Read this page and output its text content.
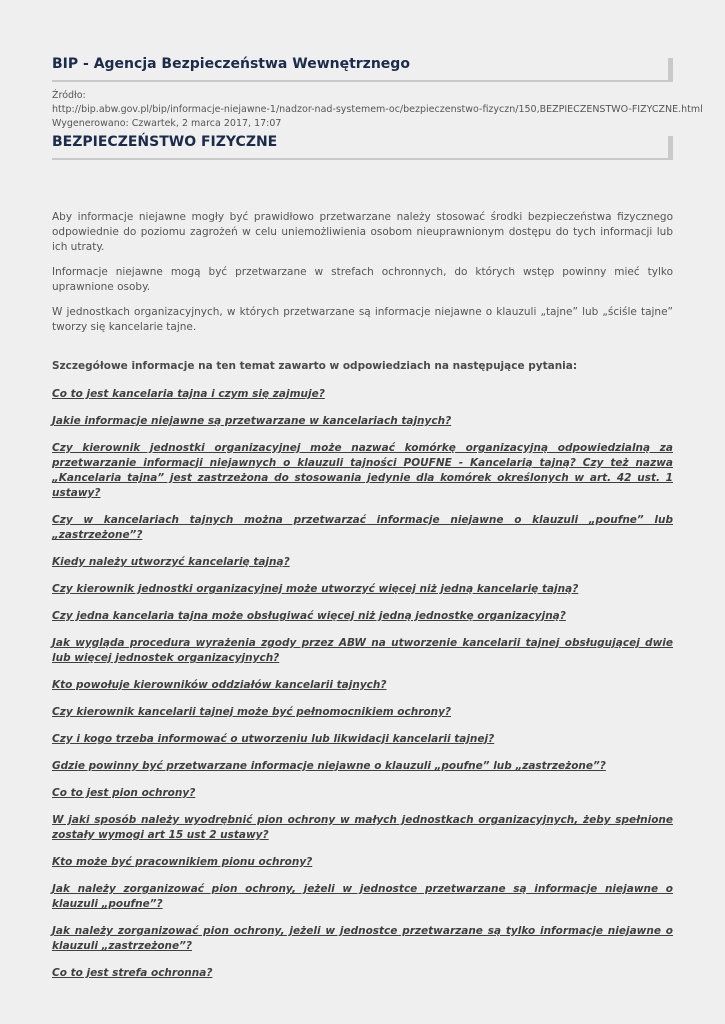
BIP - Agencja Bezpieczeństwa Wewnętrznego
Źródło:
http://bip.abw.gov.pl/bip/informacje-niejawne-1/nadzor-nad-systemem-oc/bezpieczenstwo-fizyczn/150,BEZPIECZENSTWO-FIZYCZNE.html
Wygenerowano: Czwartek, 2 marca 2017, 17:07
BEZPIECZEŃSTWO FIZYCZNE

Aby informacje niejawne mogły być prawidłowo przetwarzane należy stosować środki bezpieczeństwa fizycznego odpowiednie do poziomu zagrożeń w celu uniemożliwienia osobom nieuprawnionym dostępu do tych informacji lub ich utraty.

Informacje niejawne mogą być przetwarzane w strefach ochronnych, do których wstęp powinny mieć tylko uprawnione osoby.

W jednostkach organizacyjnych, w których przetwarzane są informacje niejawne o klauzuli „tajne” lub „ściśle tajne” tworzy się kancelarie tajne.

Szczegółowe informacje na ten temat zawarto w odpowiedziach na następujące pytania:
Co to jest kancelaria tajna i czym się zajmuje?
Jakie informacje niejawne są przetwarzane w kancelariach tajnych?
Czy kierownik jednostki organizacyjnej może nazwać komórkę organizacyjną odpowiedzialną za przetwarzanie informacji niejawnych o klauzuli tajności POUFNE - Kancelarią tajną? Czy też nazwa „Kancelaria tajna” jest zastrzeżona do stosowania jedynie dla komórek określonych w art. 42 ust. 1 ustawy?
Czy w kancelariach tajnych można przetwarzać informacje niejawne o klauzuli „poufne” lub „zastrzeżone”?
Kiedy należy utworzyć kancelarię tajną?
Czy kierownik jednostki organizacyjnej może utworzyć więcej niż jedną kancelarię tajną?
Czy jedna kancelaria tajna może obsługiwać więcej niż jedną jednostkę organizacyjną?
Jak wygląda procedura wyrażenia zgody przez ABW na utworzenie kancelarii tajnej obsługującej dwie lub więcej jednostek organizacyjnych?
Kto powołuje kierowników oddziałów kancelarii tajnych?
Czy kierownik kancelarii tajnej może być pełnomocnikiem ochrony?
Czy i kogo trzeba informować o utworzeniu lub likwidacji kancelarii tajnej?
Gdzie powinny być przetwarzane informacje niejawne o klauzuli „poufne” lub „zastrzeżone”?
Co to jest pion ochrony?
W jaki sposób należy wyodrębnić pion ochrony w małych jednostkach organizacyjnych, żeby spełnione zostały wymogi art 15 ust 2 ustawy?
Kto może być pracownikiem pionu ochrony?
Jak należy zorganizować pion ochrony, jeżeli w jednostce przetwarzane są informacje niejawne o klauzuli „poufne”?
Jak należy zorganizować pion ochrony, jeżeli w jednostce przetwarzane są tylko informacje niejawne o klauzuli „zastrzeżone”?
Co to jest strefa ochronna?
